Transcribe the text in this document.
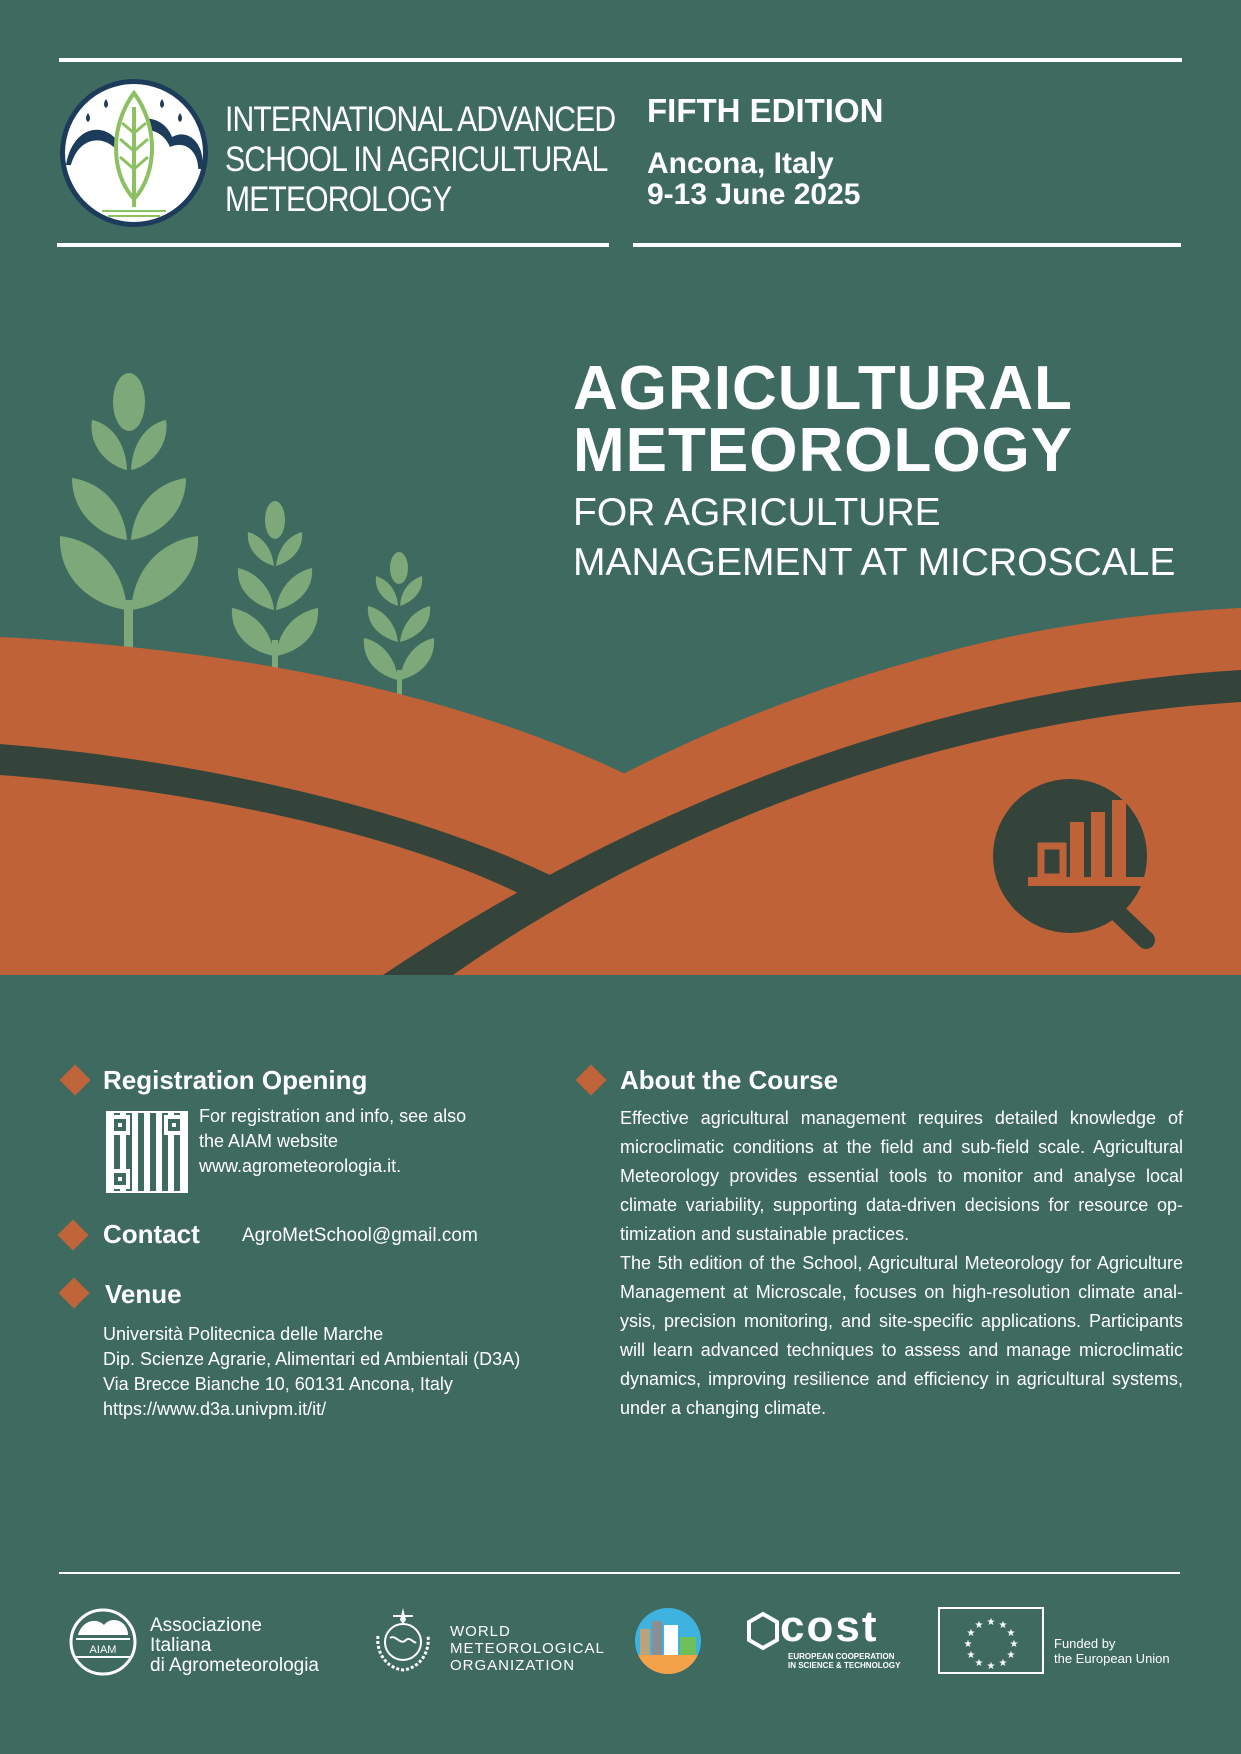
INTERNATIONAL ADVANCED
SCHOOL IN AGRICULTURAL
METEOROLOGY
FIFTH EDITION
Ancona, Italy
9-13 June 2025
AGRICULTURAL
METEOROLOGY
FOR AGRICULTURE
MANAGEMENT AT MICROSCALE
Registration Opening
For registration and info, see also
the AIAM website
www.agrometeorologia.it.
Contact AgroMetSchool@gmail.com
Venue
Università Politecnica delle Marche
Dip. Scienze Agrarie, Alimentari ed Ambientali (D3A)
Via Brecce Bianche 10, 60131 Ancona, Italy
https://www.d3a.univpm.it/it/
About the Course

Effective agricultural management requires detailed knowledge of microclimatic conditions at the field and sub-field scale. Agricultural Meteorology provides essential tools to monitor and analyse local climate variability, supporting data-driven decisions for resource optimization and sustainable practices.

The 5th edition of the School, Agricultural Meteorology for Agriculture Management at Microscale, focuses on high-resolution climate analysis, precision monitoring, and site-specific applications. Participants will learn advanced techniques to assess and manage microclimatic dynamics, improving resilience and efficiency in agricultural systems, under a changing climate.

AIAM
Associazione
Italiana
di Agrometeorologia
WORLD
METEOROLOGICAL
ORGANIZATION
cost
EUROPEAN COOPERATION
IN SCIENCE & TECHNOLOGY
★ ★
★
★
★
★
★
★
★
★
★
★
Funded by
the European Union
